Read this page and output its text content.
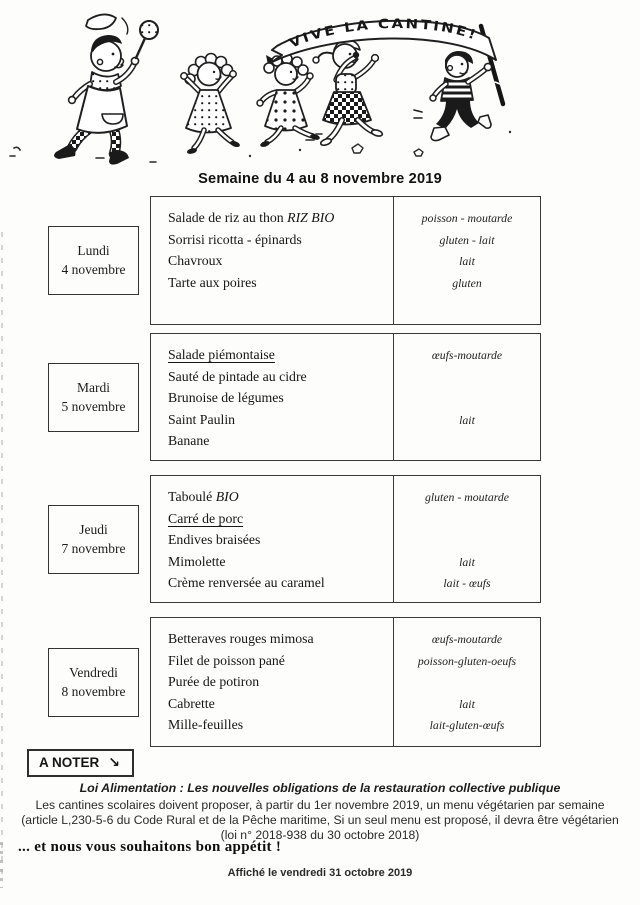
VIVE LA CANTINE!
Semaine du 4 au 8 novembre 2019
Lundi
4 novembre
Salade de riz au thon RIZ BIO
Sorrisi ricotta - épinards
Chavroux
Tarte aux poires
poisson - moutarde
gluten - lait
lait
gluten
Mardi
5 novembre
Salade piémontaise
Sauté de pintade au cidre
Brunoise de légumes
Saint Paulin
Banane
œufs-moutarde
lait
Jeudi
7 novembre
Taboulé BIO
Carré de porc
Endives braisées
Mimolette
Crème renversée au caramel
gluten - moutarde
lait
lait - œufs
Vendredi
8 novembre
Betteraves rouges mimosa
Filet de poisson pané
Purée de potiron
Cabrette
Mille-feuilles
œufs-moutarde
poisson-gluten-oeufs
lait
lait-gluten-œufs
A NOTER ↘
Loi Alimentation : Les nouvelles obligations de la restauration collective publique
Les cantines scolaires doivent proposer, à partir du 1er novembre 2019, un menu végétarien par semaine
(article L,230-5-6 du Code Rural et de la Pêche maritime, Si un seul menu est proposé, il devra être végétarien
(loi n° 2018-938 du 30 octobre 2018)
... et nous vous souhaitons bon appétit !
Affiché le vendredi 31 octobre 2019
